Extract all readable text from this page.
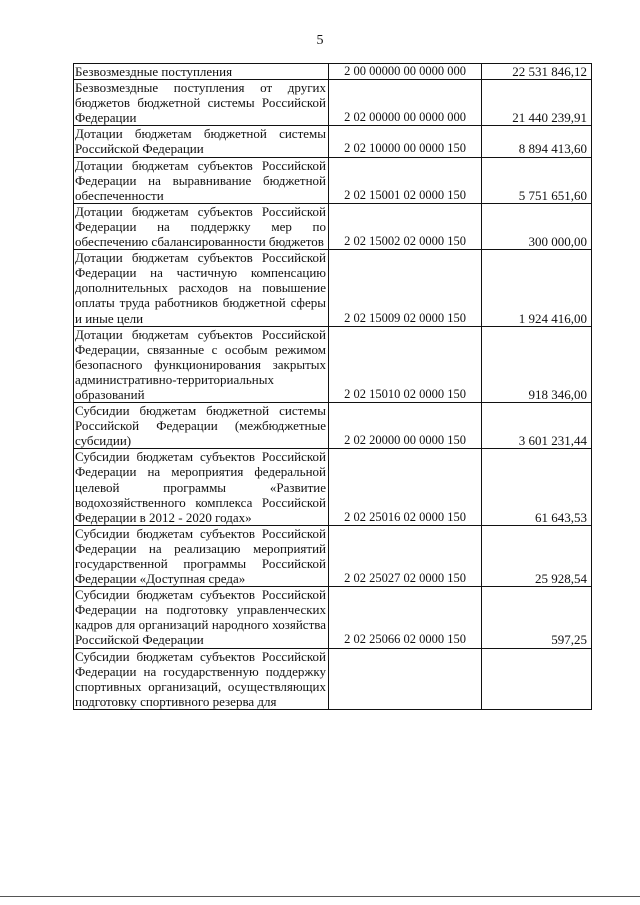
5
Безвозмездные поступления	2 00 00000 00 0000 000	22 531 846,12

Безвозмездные поступления от других бюджетов бюджетной системы Российской Федерации	2 02 00000 00 0000 000	21 440 239,91

Дотации бюджетам бюджетной системы Российской Федерации	2 02 10000 00 0000 150	8 894 413,60

Дотации бюджетам субъектов Российской Федерации на выравнивание бюджетной обеспеченности	2 02 15001 02 0000 150	5 751 651,60

Дотации бюджетам субъектов Российской Федерации на поддержку мер по обеспечению сбалансированности бюджетов	2 02 15002 02 0000 150	300 000,00

Дотации бюджетам субъектов Российской Федерации на частичную компенсацию дополнительных расходов на повышение оплаты труда работников бюджетной сферы и иные цели	2 02 15009 02 0000 150	1 924 416,00

Дотации бюджетам субъектов Российской Федерации, связанные с особым режимом безопасного функционирования закрытых административно-территориальных образований	2 02 15010 02 0000 150	918 346,00

Субсидии бюджетам бюджетной системы Российской Федерации (межбюджетные субсидии)	2 02 20000 00 0000 150	3 601 231,44

Субсидии бюджетам субъектов Российской Федерации на мероприятия федеральной целевой программы «Развитие водохозяйственного комплекса Российской Федерации в 2012 - 2020 годах»	2 02 25016 02 0000 150	61 643,53

Субсидии бюджетам субъектов Российской Федерации на реализацию мероприятий государственной программы Российской Федерации «Доступная среда»	2 02 25027 02 0000 150	25 928,54

Субсидии бюджетам субъектов Российской Федерации на подготовку управленческих кадров для организаций народного хозяйства Российской Федерации	2 02 25066 02 0000 150	597,25

Субсидии бюджетам субъектов Российской Федерации на государственную поддержку спортивных организаций, осуществляющих подготовку спортивного резерва для		
